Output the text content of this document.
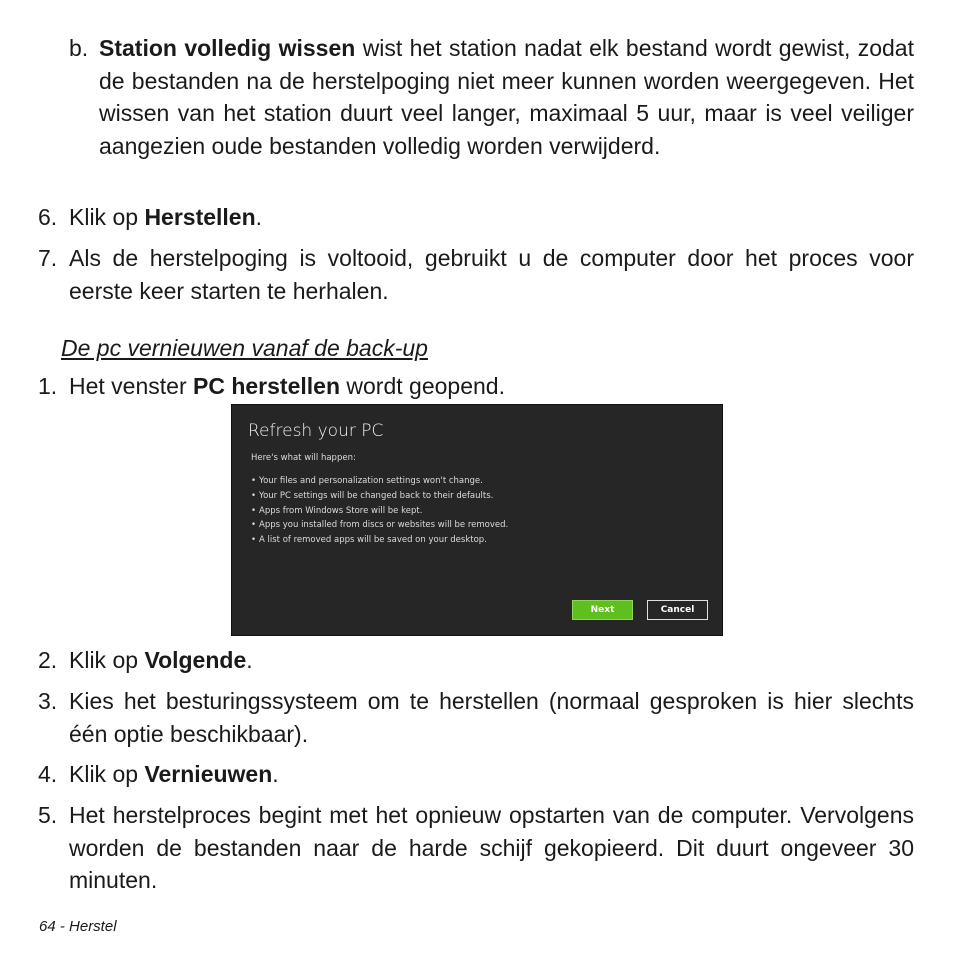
b. Station volledig wissen wist het station nadat elk bestand wordt gewist, zodat de bestanden na de herstelpoging niet meer kunnen worden weergegeven. Het wissen van het station duurt veel langer, maximaal 5 uur, maar is veel veiliger aangezien oude bestanden volledig worden verwijderd.
6. Klik op Herstellen.
7. Als de herstelpoging is voltooid, gebruikt u de computer door het proces voor eerste keer starten te herhalen.
De pc vernieuwen vanaf de back-up
1. Het venster PC herstellen wordt geopend.
Refresh your PC
Here's what will happen:
• Your files and personalization settings won't change.
• Your PC settings will be changed back to their defaults.
• Apps from Windows Store will be kept.
• Apps you installed from discs or websites will be removed.
• A list of removed apps will be saved on your desktop.
Next	Cancel
2. Klik op Volgende.
3. Kies het besturingssysteem om te herstellen (normaal gesproken is hier slechts één optie beschikbaar).
4. Klik op Vernieuwen.
5. Het herstelproces begint met het opnieuw opstarten van de computer. Vervolgens worden de bestanden naar de harde schijf gekopieerd. Dit duurt ongeveer 30 minuten.
64 - Herstel
